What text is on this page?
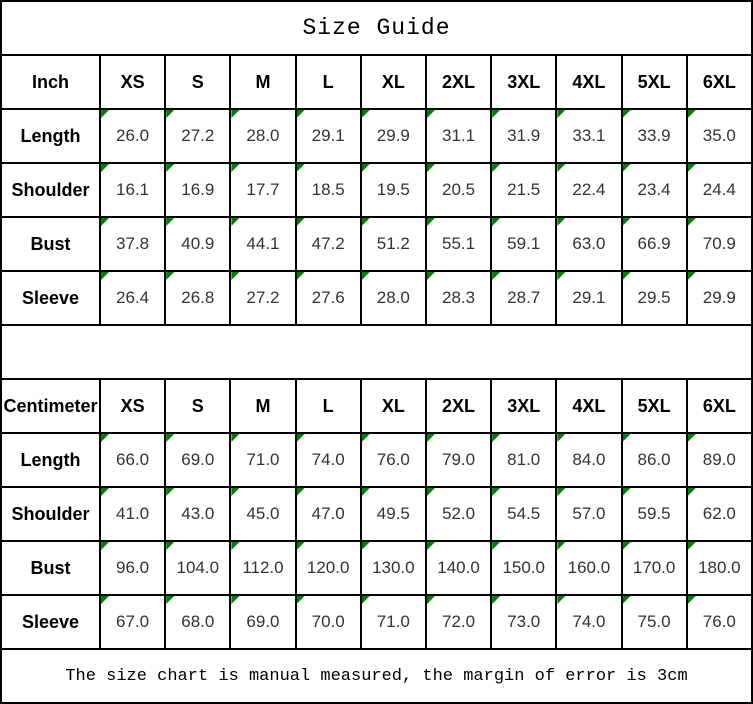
Size Guide										
Inch	XS	S	M	L	XL	2XL	3XL	4XL	5XL	6XL
Length	26.0	27.2	28.0	29.1	29.9	31.1	31.9	33.1	33.9	35.0
Shoulder	16.1	16.9	17.7	18.5	19.5	20.5	21.5	22.4	23.4	24.4
Bust	37.8	40.9	44.1	47.2	51.2	55.1	59.1	63.0	66.9	70.9
Sleeve	26.4	26.8	27.2	27.6	28.0	28.3	28.7	29.1	29.5	29.9

Centimeter	XS	S	M	L	XL	2XL	3XL	4XL	5XL	6XL
Length	66.0	69.0	71.0	74.0	76.0	79.0	81.0	84.0	86.0	89.0
Shoulder	41.0	43.0	45.0	47.0	49.5	52.0	54.5	57.0	59.5	62.0
Bust	96.0	104.0	112.0	120.0	130.0	140.0	150.0	160.0	170.0	180.0
Sleeve	67.0	68.0	69.0	70.0	71.0	72.0	73.0	74.0	75.0	76.0
The size chart is manual measured, the margin of error is 3cm										
